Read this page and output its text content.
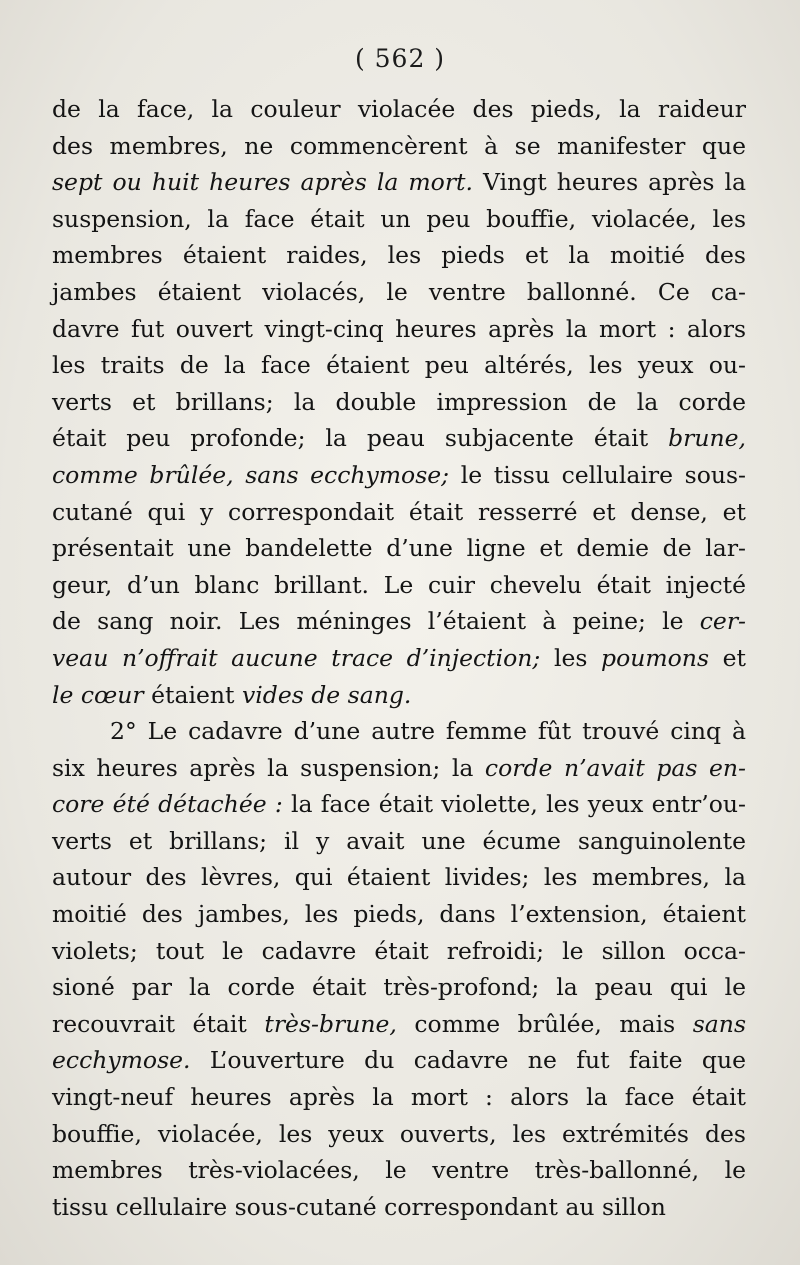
( 562 )
de la face, la couleur violacée des pieds, la raideur
des membres, ne commencèrent à se manifester que
sept ou huit heures après la mort. Vingt heures après la
suspension, la face était un peu bouffie, violacée, les
membres étaient raides, les pieds et la moitié des
jambes étaient violacés, le ventre ballonné. Ce ca-
davre fut ouvert vingt-cinq heures après la mort : alors
les traits de la face étaient peu altérés, les yeux ou-
verts et brillans; la double impression de la corde
était peu profonde; la peau subjacente était brune,
comme brûlée, sans ecchymose; le tissu cellulaire sous-
cutané qui y correspondait était resserré et dense, et
présentait une bandelette d’une ligne et demie de lar-
geur, d’un blanc brillant. Le cuir chevelu était injecté
de sang noir. Les méninges l’étaient à peine; le cer-
veau n’offrait aucune trace d’injection; les poumons et
le cœur étaient vides de sang.
2° Le cadavre d’une autre femme fût trouvé cinq à
six heures après la suspension; la corde n’avait pas en-
core été détachée : la face était violette, les yeux entr’ou-
verts et brillans; il y avait une écume sanguinolente
autour des lèvres, qui étaient livides; les membres, la
moitié des jambes, les pieds, dans l’extension, étaient
violets; tout le cadavre était refroidi; le sillon occa-
sioné par la corde était très-profond; la peau qui le
recouvrait était très-brune, comme brûlée, mais sans
ecchymose. L’ouverture du cadavre ne fut faite que
vingt-neuf heures après la mort : alors la face était
bouffie, violacée, les yeux ouverts, les extrémités des
membres très-violacées, le ventre très-ballonné, le
tissu cellulaire sous-cutané correspondant au sillon
